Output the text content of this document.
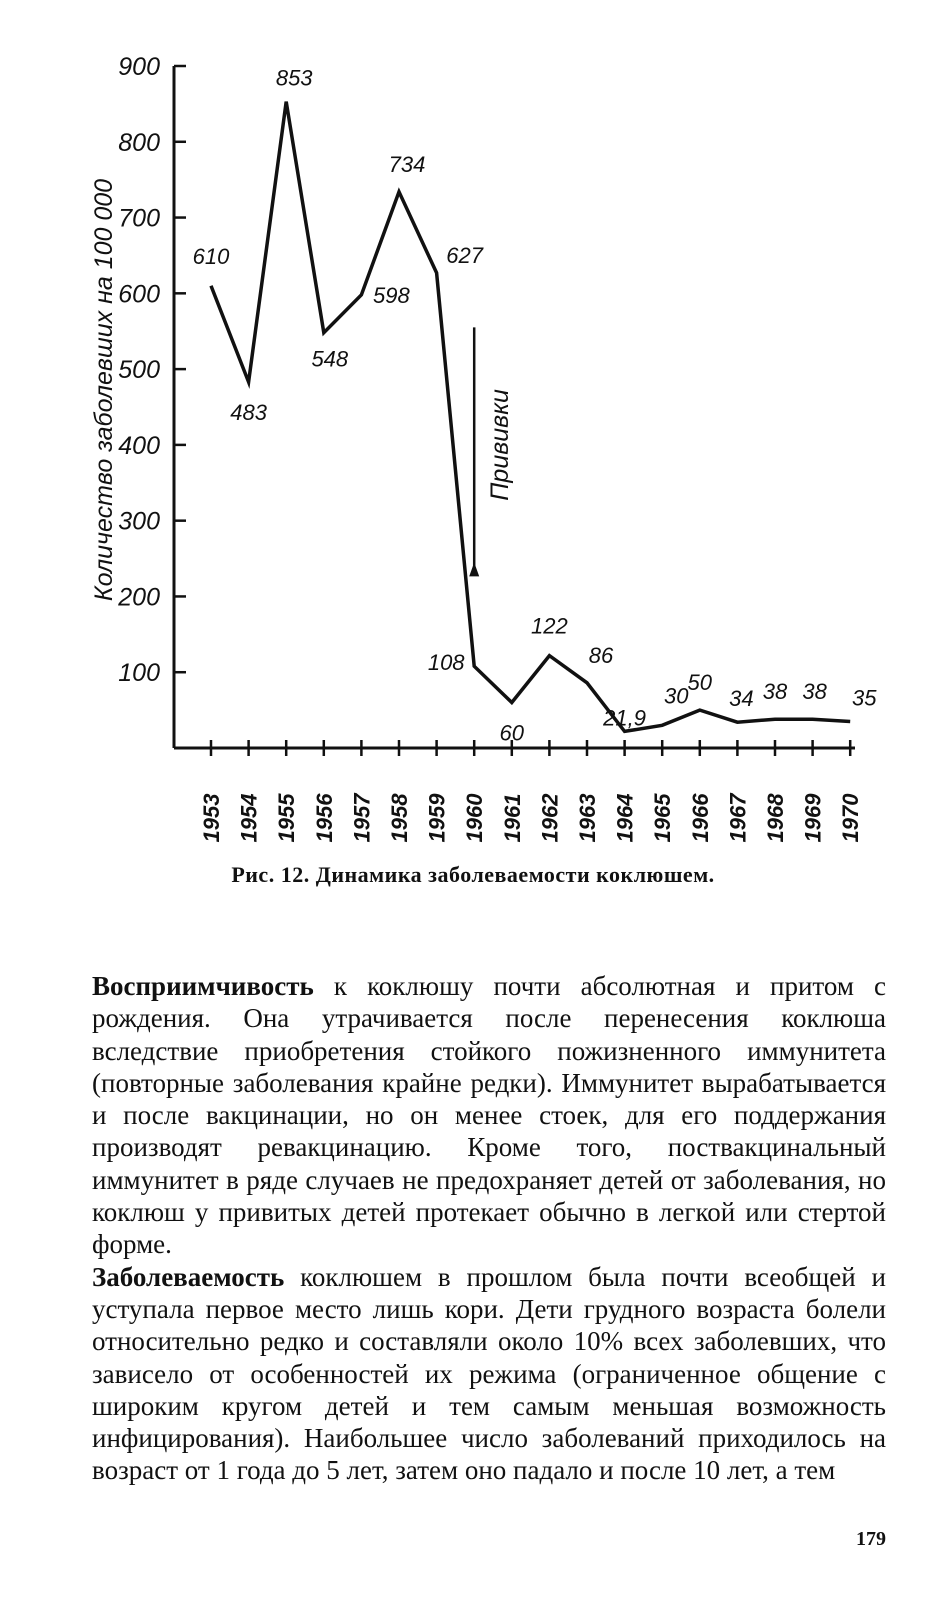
100
200
300
400
500
600
700
800
900
1953 1954 1955 1956 1957 1958 1959 1960 1961 1962 1963 1964 1965 1966 1967 1968 1969 1970
Количество заболевших на 100 000	610
483
853
548
598
734
627
108
60
122
86
21,9
30
50
34 38 38 35
Прививки
Рис. 12. Динамика заболеваемости коклюшем.

Восприимчивость к коклюшу почти абсолютная и притом с рождения. Она утрачивается после перенесения коклюша вследствие приобретения стойкого пожизненного иммунитета (повторные заболевания крайне редки). Иммунитет вырабатывается и после вакцинации, но он менее стоек, для его поддержания производят ревакцинацию. Кроме того, поствакцинальный иммунитет в ряде случаев не предохраняет детей от заболевания, но коклюш у привитых детей протекает обычно в легкой или стертой форме.

Заболеваемость коклюшем в прошлом была почти всеобщей и уступала первое место лишь кори. Дети грудного возраста болели относительно редко и составляли около 10% всех заболевших, что зависело от особенностей их режима (ограниченное общение с широким кругом детей и тем самым меньшая возможность инфицирования). Наибольшее число заболеваний приходилось на возраст от 1 года до 5 лет, затем оно падало и после 10 лет, а тем

179
